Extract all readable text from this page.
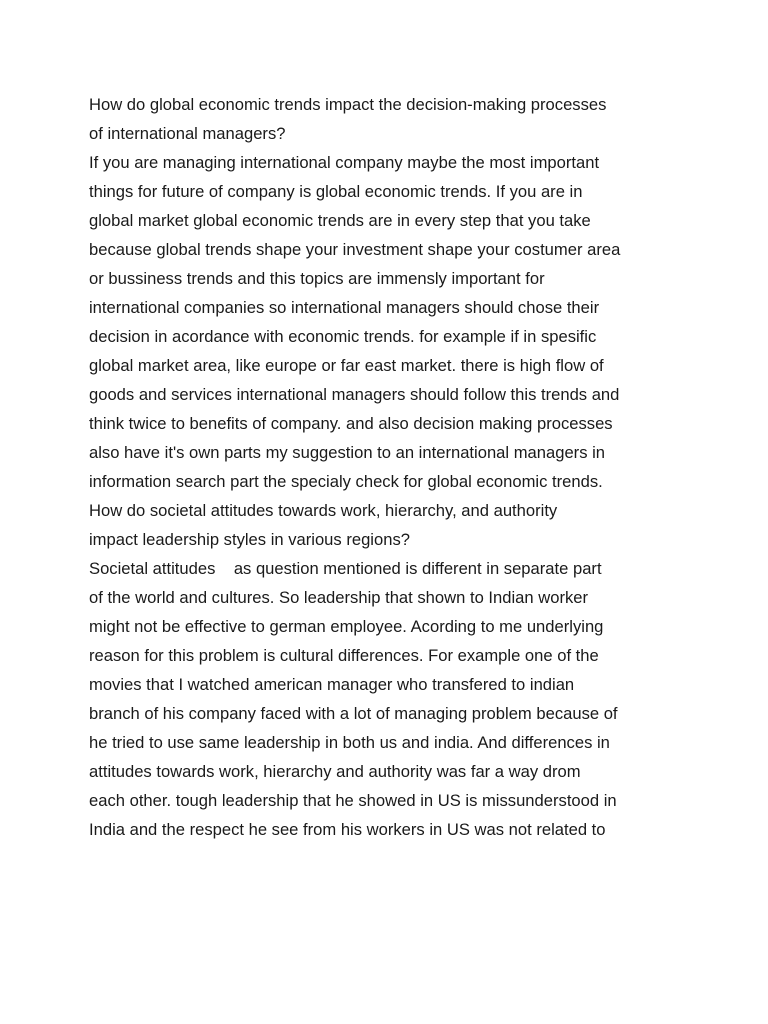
How do global economic trends impact the decision-making processes
of international managers?

If you are managing international company maybe the most important
things for future of company is global economic trends. If you are in
global market global economic trends are in every step that you take
because global trends shape your investment shape your costumer area
or bussiness trends and this topics are immensly important for
international companies so international managers should chose their
decision in acordance with economic trends. for example if in spesific
global market area, like europe or far east market. there is high flow of
goods and services international managers should follow this trends and
think twice to benefits of company. and also decision making processes
also have it's own parts my suggestion to an international managers in
information search part the specialy check for global economic trends.

How do societal attitudes towards work, hierarchy, and authority
impact leadership styles in various regions?

Societal attitudes    as question mentioned is different in separate part
of the world and cultures. So leadership that shown to Indian worker
might not be effective to german employee. Acording to me underlying
reason for this problem is cultural differences. For example one of the
movies that I watched american manager who transfered to indian
branch of his company faced with a lot of managing problem because of
he tried to use same leadership in both us and india. And differences in
attitudes towards work, hierarchy and authority was far a way drom
each other. tough leadership that he showed in US is missunderstood in
India and the respect he see from his workers in US was not related to
